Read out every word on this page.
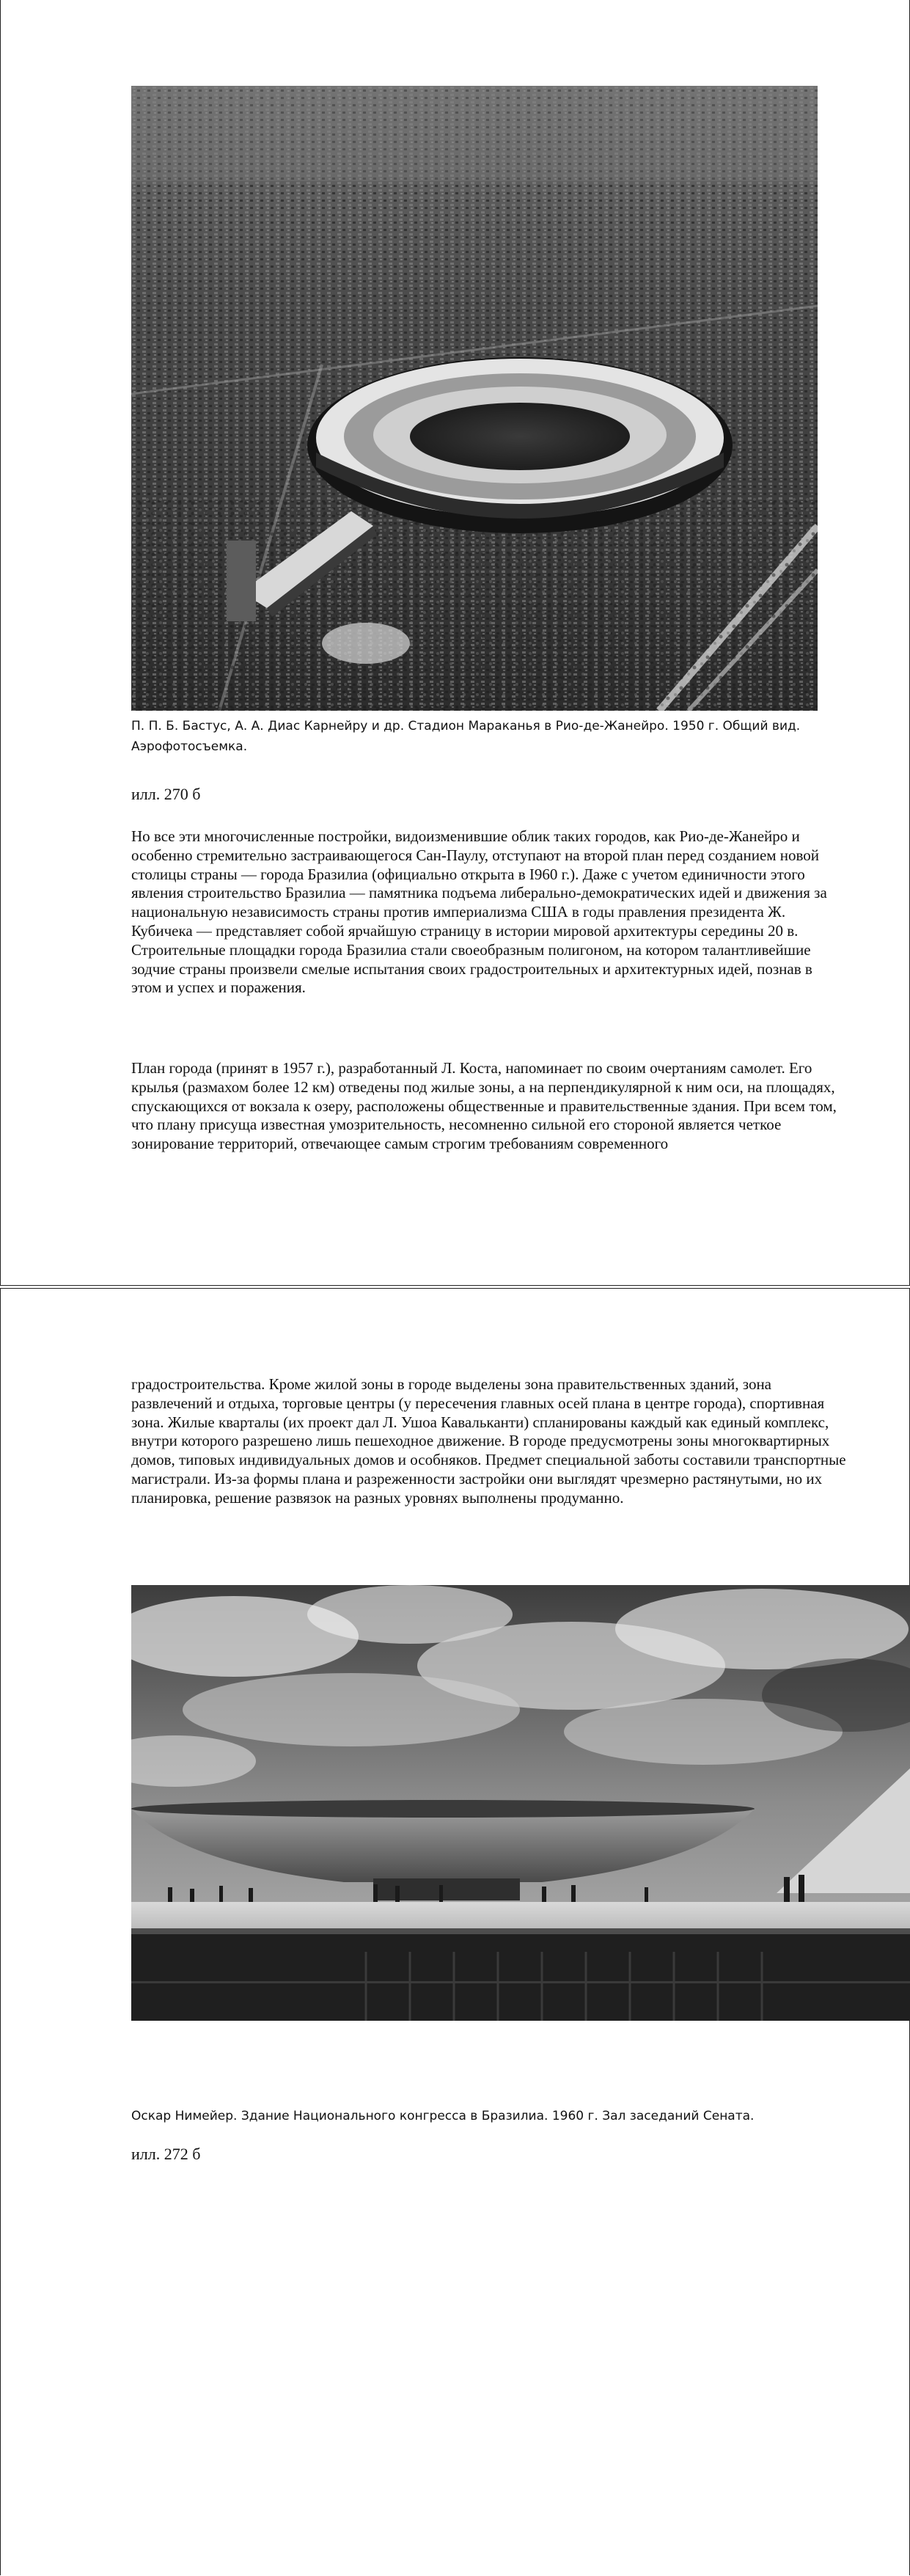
П. П. Б. Бастус, А. А. Диас Карнейру и др. Стадион Мараканья в Рио-де-Жанейро. 1950 г. Общий вид. Аэрофотосъемка.
илл. 270 б

Но все эти многочисленные постройки, видоизменившие облик таких городов, как Рио-де-Жанейро и особенно стремительно застраивающегося Сан-Паулу, отступают на второй план перед созданием новой столицы страны — города Бразилиа (официально открыта в I960 г.). Даже с учетом единичности этого явления строительство Бразилиа — памятника подъема либерально-демократических идей и движения за национальную независимость страны против империализма США в годы правления президента Ж. Кубичека — представляет собой ярчайшую страницу в истории мировой архитектуры середины 20 в. Строительные площадки города Бразилиа стали своеобразным полигоном, на котором талантливейшие зодчие страны произвели смелые испытания своих градостроительных и архитектурных идей, познав в этом и успех и поражения.

План города (принят в 1957 г.), разработанный Л. Коста, напоминает по своим очертаниям самолет. Его крылья (размахом более 12 км) отведены под жилые зоны, а на перпендикулярной к ним оси, на площадях, спускающихся от вокзала к озеру, расположены общественные и правительственные здания. При всем том, что плану присуща известная умозрительность, несомненно сильной его стороной является четкое зонирование территорий, отвечающее самым строгим требованиям современного

градостроительства. Кроме жилой зоны в городе выделены зона правительственных зданий, зона развлечений и отдыха, торговые центры (у пересечения главных осей плана в центре города), спортивная зона. Жилые кварталы (их проект дал Л. Ушоа Кавальканти) спланированы каждый как единый комплекс, внутри которого разрешено лишь пешеходное движение. В городе предусмотрены зоны многоквартирных домов, типовых индивидуальных домов и особняков. Предмет специальной заботы составили транспортные магистрали. Из-за формы плана и разреженности застройки они выглядят чрезмерно растянутыми, но их планировка, решение развязок на разных уровнях выполнены продуманно.

Оскар Нимейер. Здание Национального конгресса в Бразилиа. 1960 г. Зал заседаний Сената.
илл. 272 б
